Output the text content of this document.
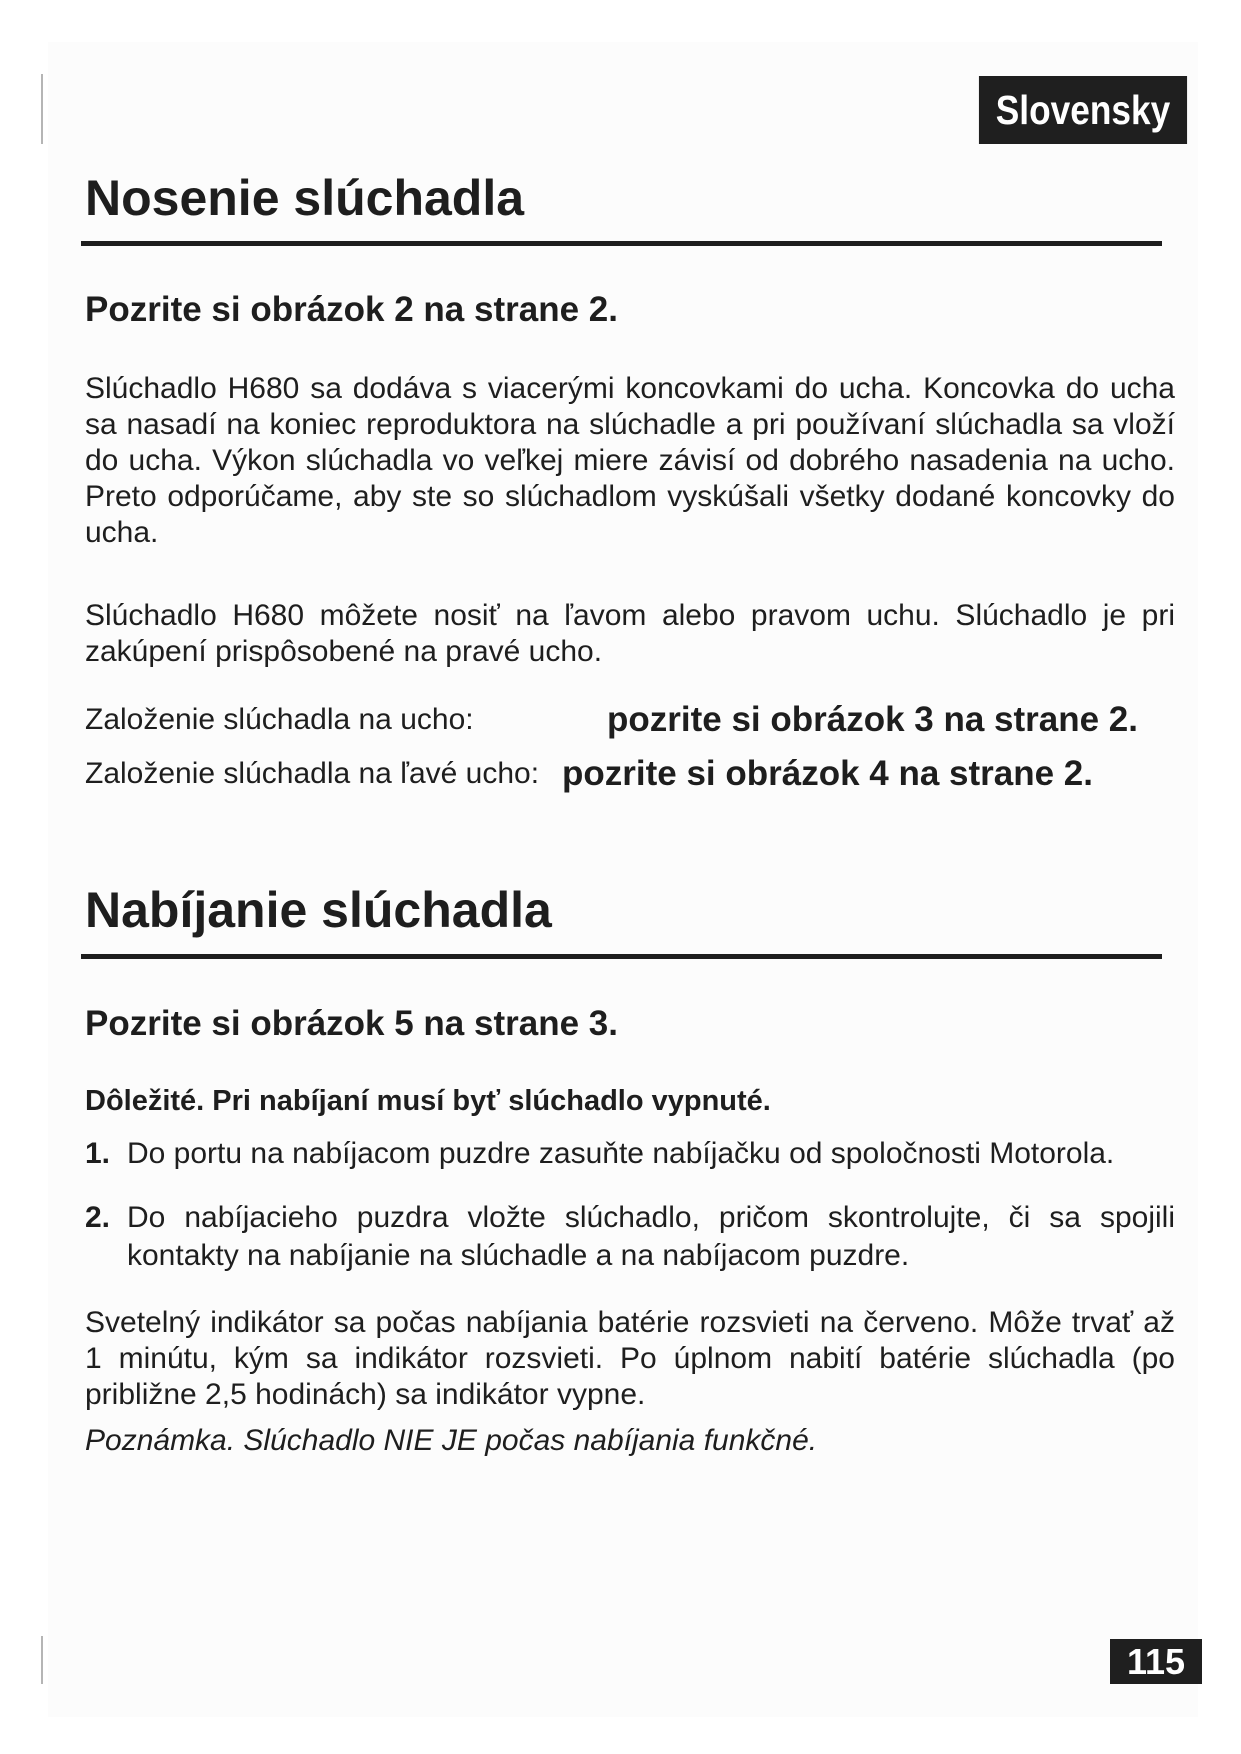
Slovensky
Nosenie slúchadla
Pozrite si obrázok 2 na strane 2.

Slúchadlo H680 sa dodáva s viacerými koncovkami do ucha. Koncovka do ucha sa nasadí na koniec reproduktora na slúchadle a pri používaní slúchadla sa vloží do ucha. Výkon slúchadla vo veľkej miere závisí od dobrého nasadenia na ucho. Preto odporúčame, aby ste so slúchadlom vyskúšali všetky dodané koncovky do ucha.

Slúchadlo H680 môžete nosiť na ľavom alebo pravom uchu. Slúchadlo je pri zakúpení prispôsobené na pravé ucho.

Založenie slúchadla na ucho:	pozrite si obrázok 3 na strane 2.
Založenie slúchadla na ľavé ucho: pozrite si obrázok 4 na strane 2.
Nabíjanie slúchadla
Pozrite si obrázok 5 na strane 3.

Dôležité. Pri nabíjaní musí byť slúchadlo vypnuté.

1. Do portu na nabíjacom puzdre zasuňte nabíjačku od spoločnosti Motorola.
2. Do nabíjacieho puzdra vložte slúchadlo, pričom skontrolujte, či sa spojili kontakty na nabíjanie na slúchadle a na nabíjacom puzdre.

Svetelný indikátor sa počas nabíjania batérie rozsvieti na červeno. Môže trvať až 1 minútu, kým sa indikátor rozsvieti. Po úplnom nabití batérie slúchadla (po približne 2,5 hodinách) sa indikátor vypne.

Poznámka. Slúchadlo NIE JE počas nabíjania funkčné.

115
